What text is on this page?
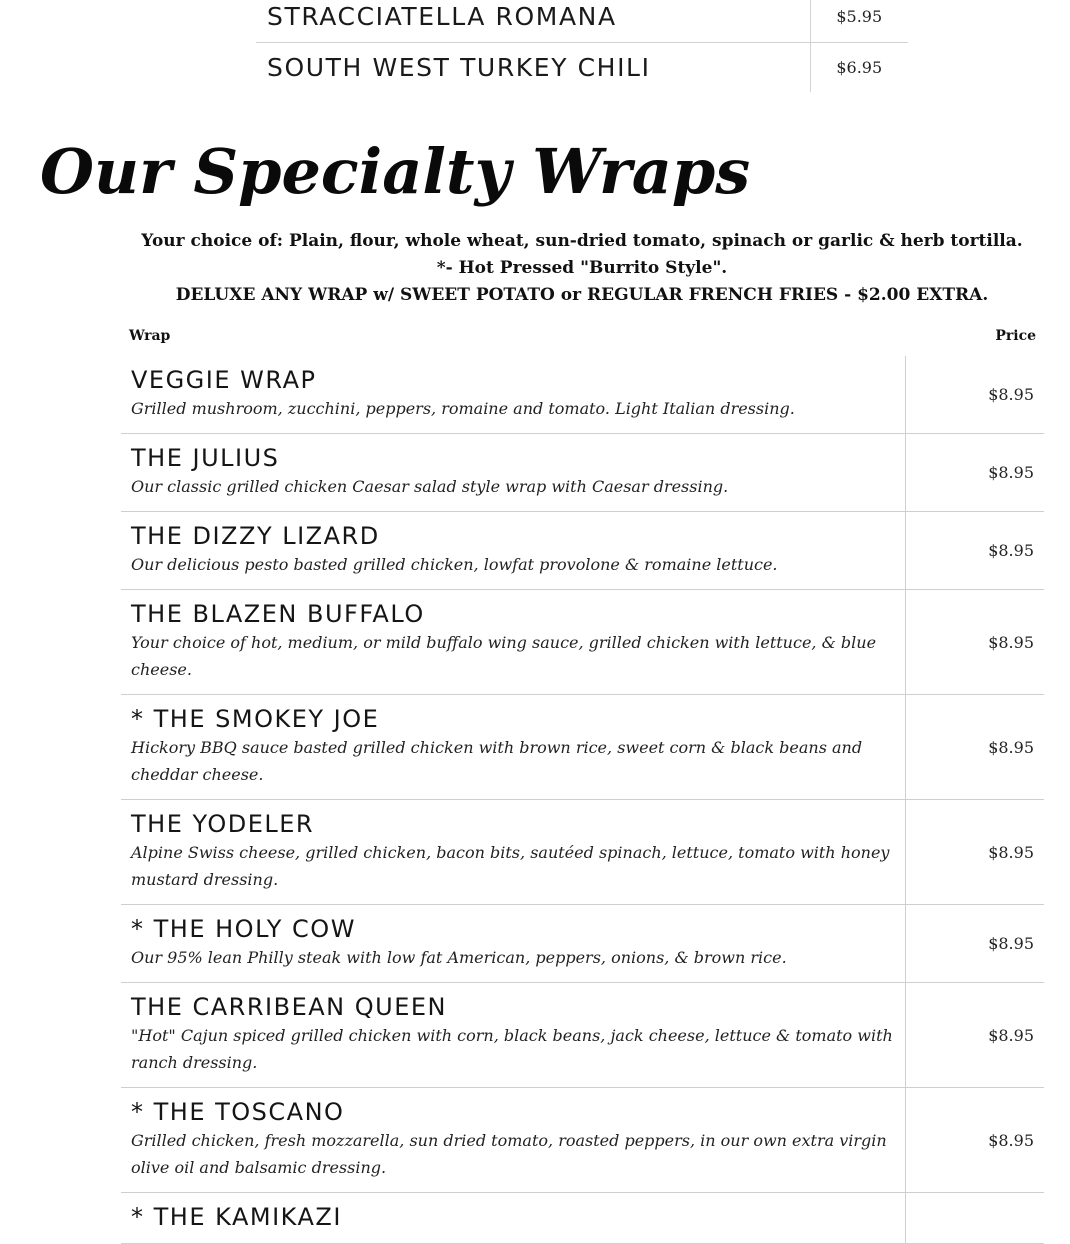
STRACCIATELLA ROMANA	$5.95
SOUTH WEST TURKEY CHILI	$6.95
Our Specialty Wraps
Your choice of: Plain, flour, whole wheat, sun-dried tomato, spinach or garlic & herb tortilla.
*- Hot Pressed "Burrito Style".
DELUXE ANY WRAP w/ SWEET POTATO or REGULAR FRENCH FRIES - $2.00 EXTRA.
Wrap	Price
VEGGIE WRAP
Grilled mushroom, zucchini, peppers, romaine and tomato. Light Italian dressing.	$8.95

THE JULIUS
Our classic grilled chicken Caesar salad style wrap with Caesar dressing.	$8.95

THE DIZZY LIZARD
Our delicious pesto basted grilled chicken, lowfat provolone & romaine lettuce.	$8.95

THE BLAZEN BUFFALO
Your choice of hot, medium, or mild buffalo wing sauce, grilled chicken with lettuce, & blue cheese.	$8.95

* THE SMOKEY JOE
Hickory BBQ sauce basted grilled chicken with brown rice, sweet corn & black beans and cheddar cheese.	$8.95

THE YODELER
Alpine Swiss cheese, grilled chicken, bacon bits, sautéed spinach, lettuce, tomato with honey mustard dressing.	$8.95

* THE HOLY COW
Our 95% lean Philly steak with low fat American, peppers, onions, & brown rice.	$8.95

THE CARRIBEAN QUEEN
"Hot" Cajun spiced grilled chicken with corn, black beans, jack cheese, lettuce & tomato with ranch dressing.	$8.95

* THE TOSCANO
Grilled chicken, fresh mozzarella, sun dried tomato, roasted peppers, in our own extra virgin olive oil and balsamic dressing.	$8.95

* THE KAMIKAZI	
